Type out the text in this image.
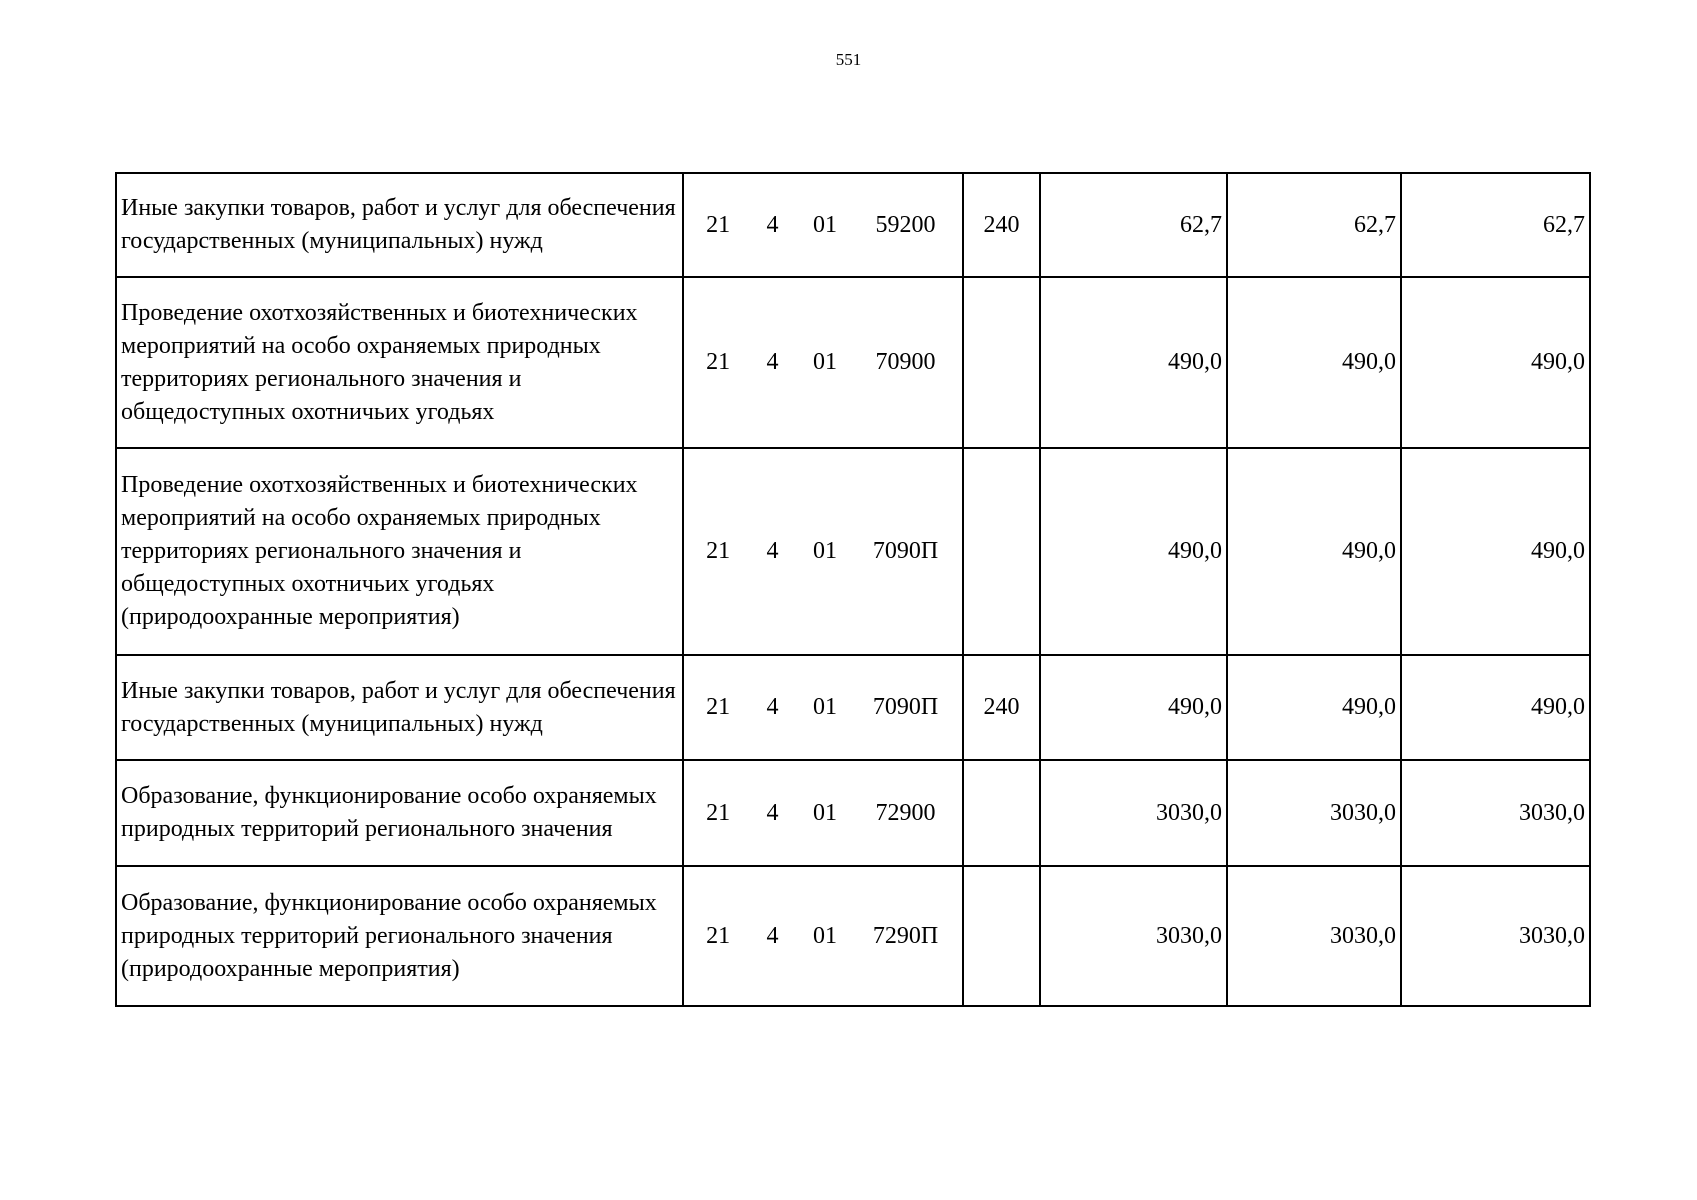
551
Иные закупки товаров, работ и услуг для обеспечения государственных (муниципальных) нужд	21 4 01 59200	240	62,7	62,7	62,7
Проведение охотхозяйственных и биотехнических мероприятий на особо охраняемых природных территориях регионального значения и общедоступных охотничьих угодьях	21 4 01 70900		490,0	490,0	490,0
Проведение охотхозяйственных и биотехнических мероприятий на особо охраняемых природных территориях регионального значения и общедоступных охотничьих угодьях (природоохранные мероприятия)	21 4 01 7090П		490,0	490,0	490,0
Иные закупки товаров, работ и услуг для обеспечения государственных (муниципальных) нужд	21 4 01 7090П	240	490,0	490,0	490,0
Образование, функционирование особо охраняемых природных территорий регионального значения	21 4 01 72900		3030,0	3030,0	3030,0
Образование, функционирование особо охраняемых природных территорий регионального значения (природоохранные мероприятия)	21 4 01 7290П		3030,0	3030,0	3030,0
